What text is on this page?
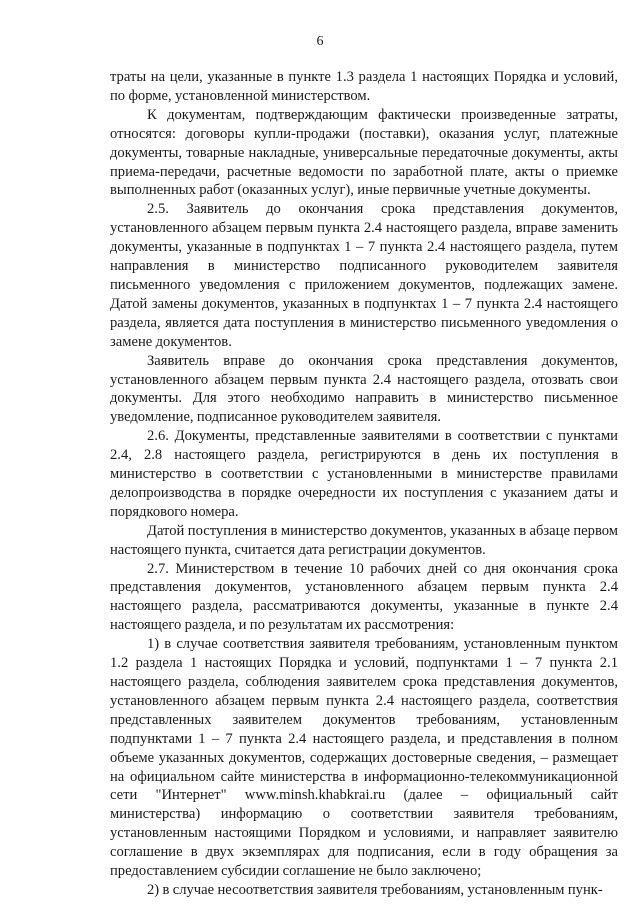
6

траты на цели, указанные в пункте 1.3 раздела 1 настоящих Порядка и условий, по форме, установленной министерством.

К документам, подтверждающим фактически произведенные затраты, относятся: договоры купли-продажи (поставки), оказания услуг, платежные документы, товарные накладные, универсальные передаточные документы, акты приема-передачи, расчетные ведомости по заработной плате, акты о приемке выполненных работ (оказанных услуг), иные первичные учетные документы.

2.5. Заявитель до окончания срока представления документов, установленного абзацем первым пункта 2.4 настоящего раздела, вправе заменить документы, указанные в подпунктах 1 – 7 пункта 2.4 настоящего раздела, путем направления в министерство подписанного руководителем заявителя письменного уведомления с приложением документов, подлежащих замене. Датой замены документов, указанных в подпунктах 1 – 7 пункта 2.4 настоящего раздела, является дата поступления в министерство письменного уведомления о замене документов.

Заявитель вправе до окончания срока представления документов, установленного абзацем первым пункта 2.4 настоящего раздела, отозвать свои документы. Для этого необходимо направить в министерство письменное уведомление, подписанное руководителем заявителя.

2.6. Документы, представленные заявителями в соответствии с пунктами 2.4, 2.8 настоящего раздела, регистрируются в день их поступления в министерство в соответствии с установленными в министерстве правилами делопроизводства в порядке очередности их поступления с указанием даты и порядкового номера.

Датой поступления в министерство документов, указанных в абзаце первом настоящего пункта, считается дата регистрации документов.

2.7. Министерством в течение 10 рабочих дней со дня окончания срока представления документов, установленного абзацем первым пункта 2.4 настоящего раздела, рассматриваются документы, указанные в пункте 2.4 настоящего раздела, и по результатам их рассмотрения:

1) в случае соответствия заявителя требованиям, установленным пунктом 1.2 раздела 1 настоящих Порядка и условий, подпунктами 1 – 7 пункта 2.1 настоящего раздела, соблюдения заявителем срока представления документов, установленного абзацем первым пункта 2.4 настоящего раздела, соответствия представленных заявителем документов требованиям, установленным подпунктами 1 – 7 пункта 2.4 настоящего раздела, и представления в полном объеме указанных документов, содержащих достоверные сведения, – размещает на официальном сайте министерства в информационно-телекоммуникационной сети "Интернет" www.minsh.khabkrai.ru (далее – официальный сайт министерства) информацию о соответствии заявителя требованиям, установленным настоящими Порядком и условиями, и направляет заявителю соглашение в двух экземплярах для подписания, если в году обращения за предоставлением субсидии соглашение не было заключено;

2) в случае несоответствия заявителя требованиям, установленным пунк-
